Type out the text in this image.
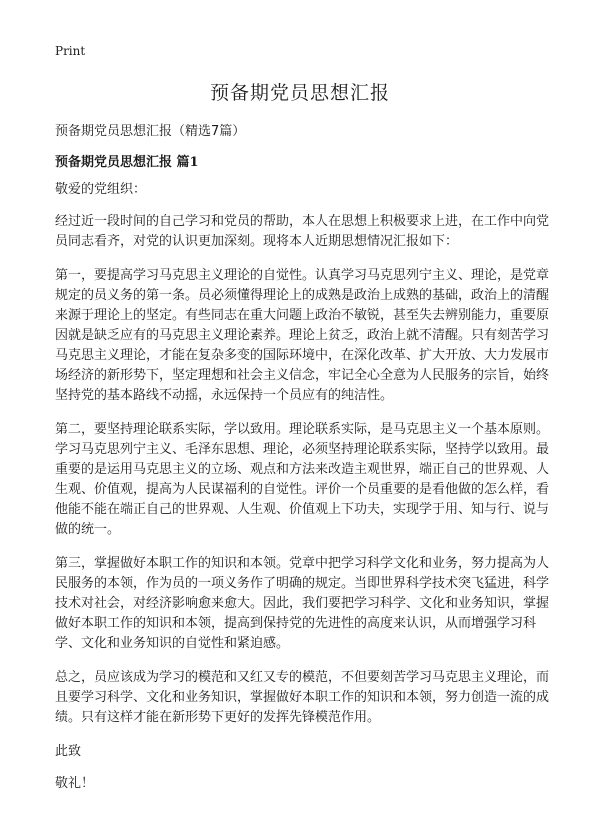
Print
预备期党员思想汇报

预备期党员思想汇报（精选7篇）

预备期党员思想汇报 篇1

敬爱的党组织：

经过近一段时间的自己学习和党员的帮助，本人在思想上积极要求上进，在工作中向党员同志看齐，对党的认识更加深刻。现将本人近期思想情况汇报如下：

第一，要提高学习马克思主义理论的自觉性。认真学习马克思列宁主义、理论，是党章规定的员义务的第一条。员必须懂得理论上的成熟是政治上成熟的基础，政治上的清醒来源于理论上的坚定。有些同志在重大问题上政治不敏锐，甚至失去辨别能力，重要原因就是缺乏应有的马克思主义理论素养。理论上贫乏，政治上就不清醒。只有刻苦学习马克思主义理论，才能在复杂多变的国际环境中，在深化改革、扩大开放、大力发展市场经济的新形势下，坚定理想和社会主义信念，牢记全心全意为人民服务的宗旨，始终坚持党的基本路线不动摇，永远保持一个员应有的纯洁性。

第二，要坚持理论联系实际，学以致用。理论联系实际，是马克思主义一个基本原则。学习马克思列宁主义、毛泽东思想、理论，必须坚持理论联系实际，坚持学以致用。最重要的是运用马克思主义的立场、观点和方法来改造主观世界，端正自己的世界观、人生观、价值观，提高为人民谋福利的自觉性。评价一个员重要的是看他做的怎么样，看他能不能在端正自己的世界观、人生观、价值观上下功夫，实现学于用、知与行、说与做的统一。

第三，掌握做好本职工作的知识和本领。党章中把学习科学文化和业务，努力提高为人民服务的本领，作为员的一项义务作了明确的规定。当即世界科学技术突飞猛进，科学技术对社会，对经济影响愈来愈大。因此，我们要把学习科学、文化和业务知识，掌握做好本职工作的知识和本领，提高到保持党的先进性的高度来认识，从而增强学习科学、文化和业务知识的自觉性和紧迫感。

总之，员应该成为学习的模范和又红又专的模范，不但要刻苦学习马克思主义理论，而且要学习科学、文化和业务知识，掌握做好本职工作的知识和本领，努力创造一流的成绩。只有这样才能在新形势下更好的发挥先锋模范作用。

此致

敬礼！
